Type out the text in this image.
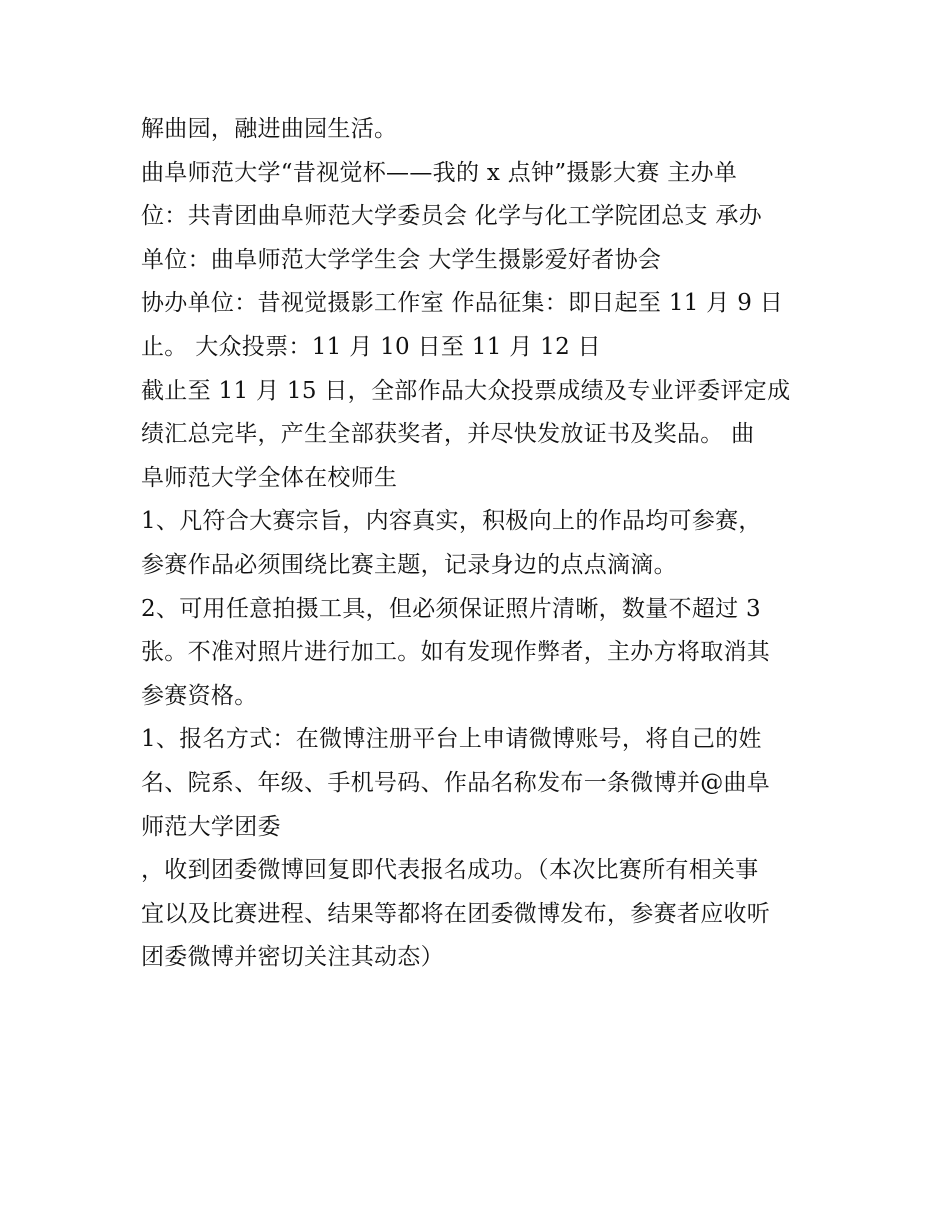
解曲园，融进曲园生活。
曲阜师范大学“昔视觉杯——我的 x 点钟”摄影大赛 主办单
位：共青团曲阜师范大学委员会 化学与化工学院团总支 承办
单位：曲阜师范大学学生会 大学生摄影爱好者协会
协办单位：昔视觉摄影工作室 作品征集：即日起至 11 月 9 日
止。 大众投票：11 月 10 日至 11 月 12 日
截止至 11 月 15 日，全部作品大众投票成绩及专业评委评定成
绩汇总完毕，产生全部获奖者，并尽快发放证书及奖品。 曲
阜师范大学全体在校师生
1、凡符合大赛宗旨，内容真实，积极向上的作品均可参赛，
参赛作品必须围绕比赛主题，记录身边的点点滴滴。
2、可用任意拍摄工具，但必须保证照片清晰，数量不超过 3
张。不准对照片进行加工。如有发现作弊者，主办方将取消其
参赛资格。
1、报名方式：在微博注册平台上申请微博账号，将自己的姓
名、院系、年级、手机号码、作品名称发布一条微博并@曲阜
师范大学团委
，收到团委微博回复即代表报名成功。（本次比赛所有相关事
宜以及比赛进程、结果等都将在团委微博发布，参赛者应收听
团委微博并密切关注其动态）
